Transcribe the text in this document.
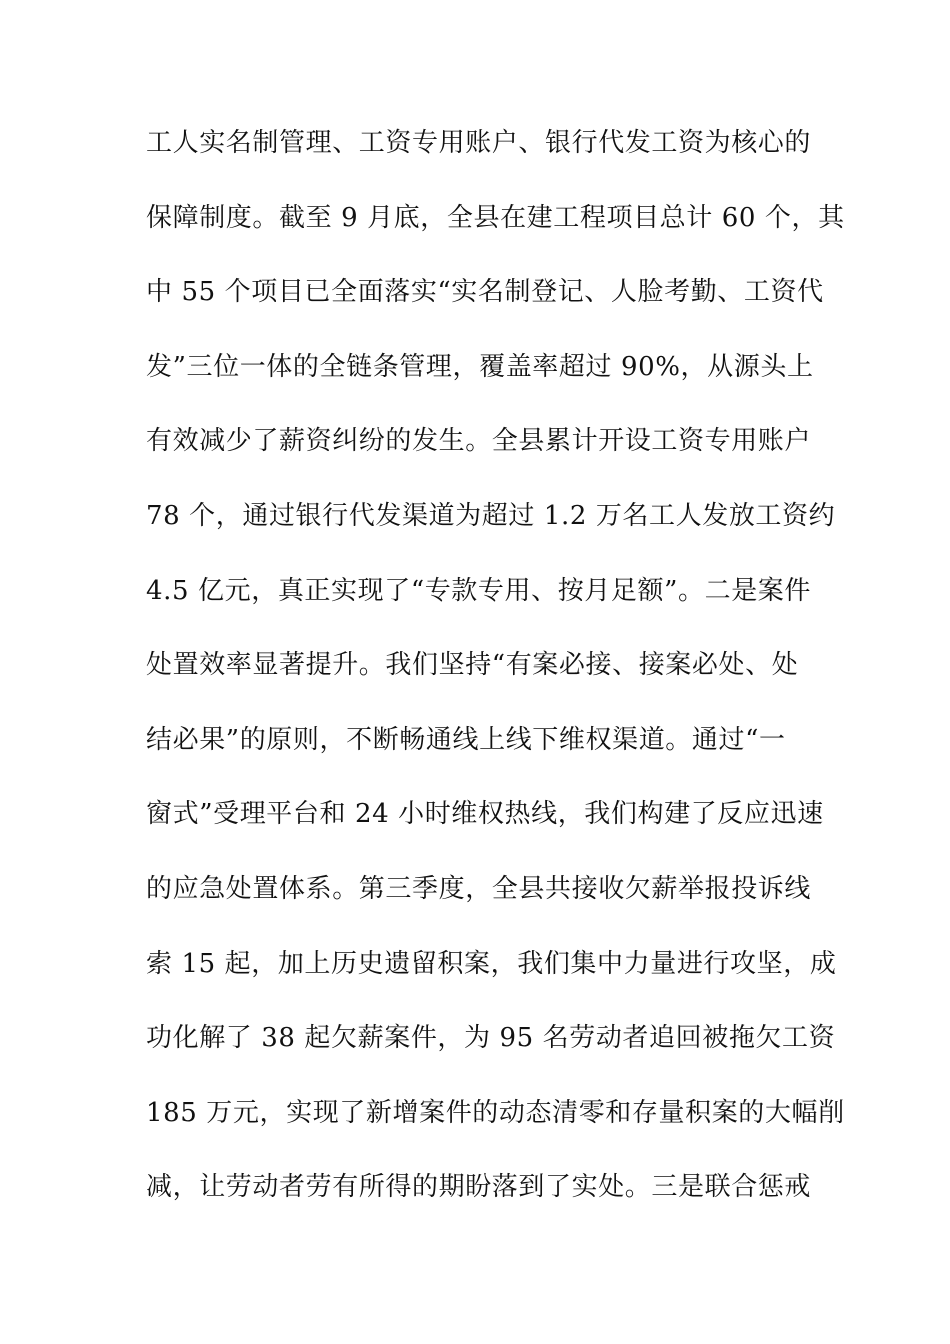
工人实名制管理、工资专用账户、银行代发工资为核心的
保障制度。截至 9 月底，全县在建工程项目总计 60 个，其
中 55 个项目已全面落实“实名制登记、人脸考勤、工资代
发”三位一体的全链条管理，覆盖率超过 90%，从源头上
有效减少了薪资纠纷的发生。全县累计开设工资专用账户
78 个，通过银行代发渠道为超过 1.2 万名工人发放工资约
4.5 亿元，真正实现了“专款专用、按月足额”。二是案件
处置效率显著提升。我们坚持“有案必接、接案必处、处
结必果”的原则，不断畅通线上线下维权渠道。通过“一
窗式”受理平台和 24 小时维权热线，我们构建了反应迅速
的应急处置体系。第三季度，全县共接收欠薪举报投诉线
索 15 起，加上历史遗留积案，我们集中力量进行攻坚，成
功化解了 38 起欠薪案件，为 95 名劳动者追回被拖欠工资
185 万元，实现了新增案件的动态清零和存量积案的大幅削
减，让劳动者劳有所得的期盼落到了实处。三是联合惩戒
